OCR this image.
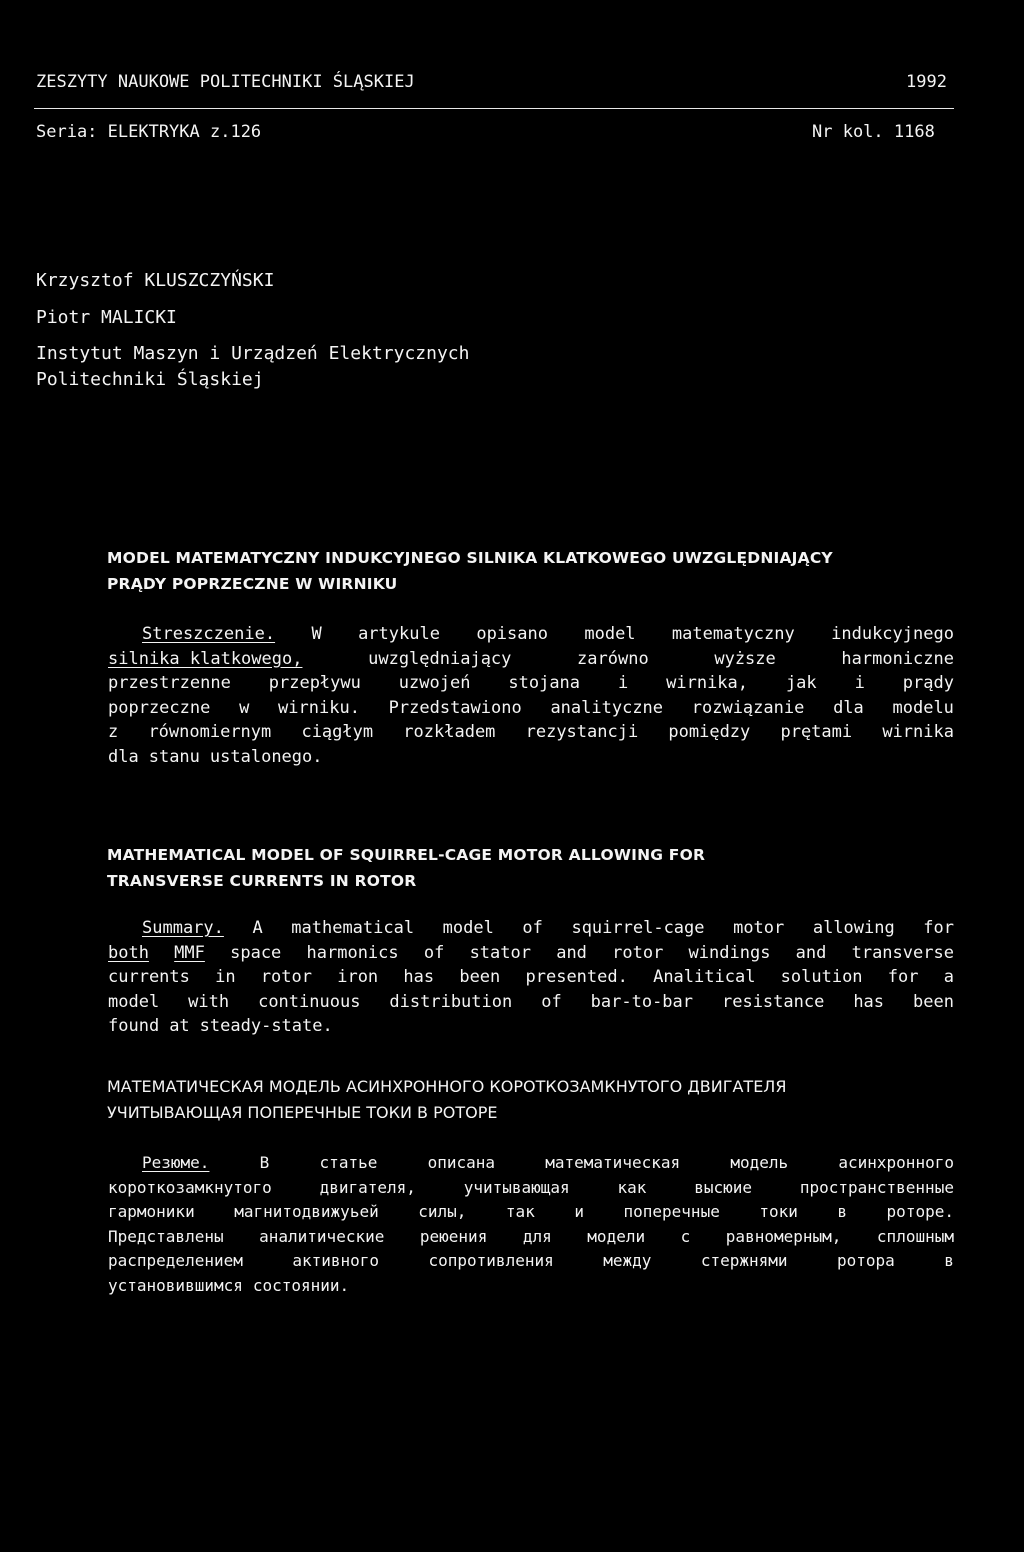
ZESZYTY NAUKOWE POLITECHNIKI ŚLĄSKIEJ	1992
Seria: ELEKTRYKA z.126	Nr kol. 1168
Krzysztof KLUSZCZYŃSKI
Piotr MALICKI
Instytut Maszyn i Urządzeń Elektrycznych
Politechniki Śląskiej
MODEL MATEMATYCZNY INDUKCYJNEGO SILNIKA KLATKOWEGO UWZGLĘDNIAJĄCY
PRĄDY POPRZECZNE W WIRNIKU
Streszczenie. W artykule opisano model matematyczny indukcyjnego
silnika klatkowego,	uwzględniający	zarówno	wyższe	harmoniczne
przestrzenne przepływu uzwojeń stojana i wirnika, jak i prądy
poprzeczne w wirniku. Przedstawiono analityczne rozwiązanie dla modelu
z równomiernym ciągłym rozkładem rezystancji pomiędzy prętami wirnika
dla stanu ustalonego.
MATHEMATICAL MODEL OF SQUIRREL-CAGE MOTOR ALLOWING FOR
TRANSVERSE CURRENTS IN ROTOR
Summary. A mathematical model of squirrel-cage motor allowing for
both MMF space harmonics of stator and rotor windings and transverse
currents in rotor iron has been presented. Analitical solution for a
model with continuous distribution of bar-to-bar resistance has been
found at steady-state.
МАТЕМАТИЧЕСКАЯ МОДЕЛЬ АСИНХРОННОГО КОРОТКОЗАМКНУТОГО ДВИГАТЕЛЯ
УЧИТЫВАЮЩАЯ ПОПЕРЕЧНЫЕ ТОКИ В РОТОРЕ
Резюме.	В	статье	описана	математическая	модель	асинхронного
короткозамкнутого	двигателя,	учитывающая	как	высюие	пространственные
гармоники магнитодвижуьей силы, так и поперечные токи в роторе.
Представлены аналитические реюения для модели с равномерным, сплошным
распределением	активного	сопротивления	между	стержнями	ротора	в
установившимся состоянии.
